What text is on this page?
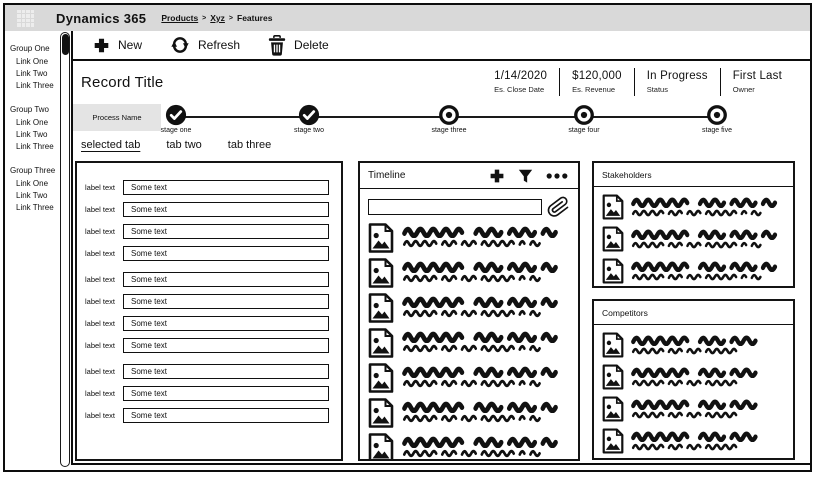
Dynamics 365 Products > Xyz > Features
Group One
Link One
Link Two
Link Three
Group Two
Link One
Link Two
Link Three
Group Three
Link One
Link Two
Link Three
New	Refresh	Delete
Record Title	1/14/2020
Es. Close Date
$120,000
Es. Revenue
In Progress
Status
First Last
Owner
Process Name
stage one	stage two	stage three	stage four	stage five
selected tab tab two tab three
label text
Some text
label text
Some text
label text
Some text
label text
Some text
label text
Some text
label text
Some text
label text
Some text
label text
Some text
label text
Some text
label text
Some text
label text
Some text
Timeline	Stakeholders
Competitors
